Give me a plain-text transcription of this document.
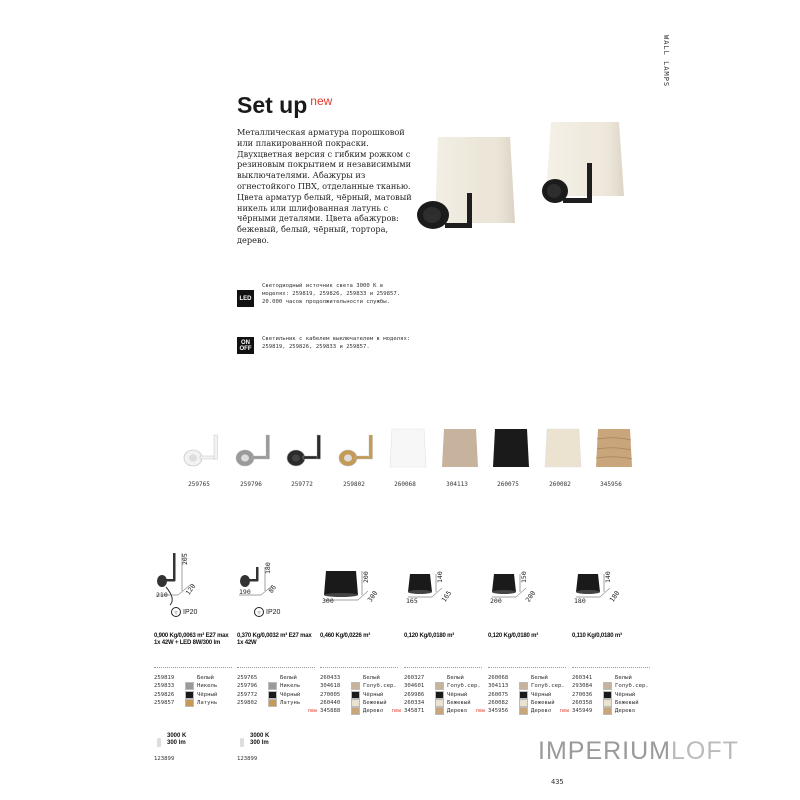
WALL LAMPS
Set up $^{new}$
Металлическая арматура порошковой или плакированной покраски. Двухцветная версия с гибким рожком с резиновым покрытием и независимыми выключателями. Абажуры из огнестойкого ПВХ, отделанные тканью. Цвета арматур белый, чёрный, матовый никель или шлифованная латунь с чёрными деталями. Цвета абажуров: бежевый, белый, чёрный, тортора, дерево.
LED
Светодиодный источник света 3000 K в моделях: 259819, 259826, 259833 и 259857. 20.000 часов продолжительности службы.
ON
OFF
Светильник с кабелем выключателем в моделях: 259819, 259826, 259833 и 259857.
259765	259796	259772	259802	260068	304113	260075	260082	345956
205
120
210
▽ IP20
0,900 Kg/0,0063 m³ E27 max 1x 42W + LED 8W/300 lm
259819	Белый
259833	Никель
259826	Чёрный
259857	Латунь
3000 K 300 lm
123899
180
86
190
▽ IP20
0,370 Kg/0,0032 m³ E27 max 1x 42W
259765	Белый
259796	Никель
259772	Чёрный
259802	Латунь
3000 K 300 lm
123899
200
300
300
0,460 Kg/0,0226 m³
260433	Белый
304618	Голуб.сер.
270005	Чёрный
260440	Бежевый
new 345888	Дерево
140
165
165
0,120 Kg/0,0180 m³
260327	Белый
304601	Голуб.сер.
269986	Чёрный
260334	Бежевый
new 345871	Дерево
150
200
200
0,120 Kg/0,0180 m³
260068	Белый
304113	Голуб.сер.
260075	Чёрный
260082	Бежевый
new 345956	Дерево
140
180
180
0,110 Kg/0,0180 m³
260341	Белый
293084	Голуб.сер.
270036	Чёрный
260358	Бежевый
new 345949	Дерево
IMPERIUMLOFT
435
